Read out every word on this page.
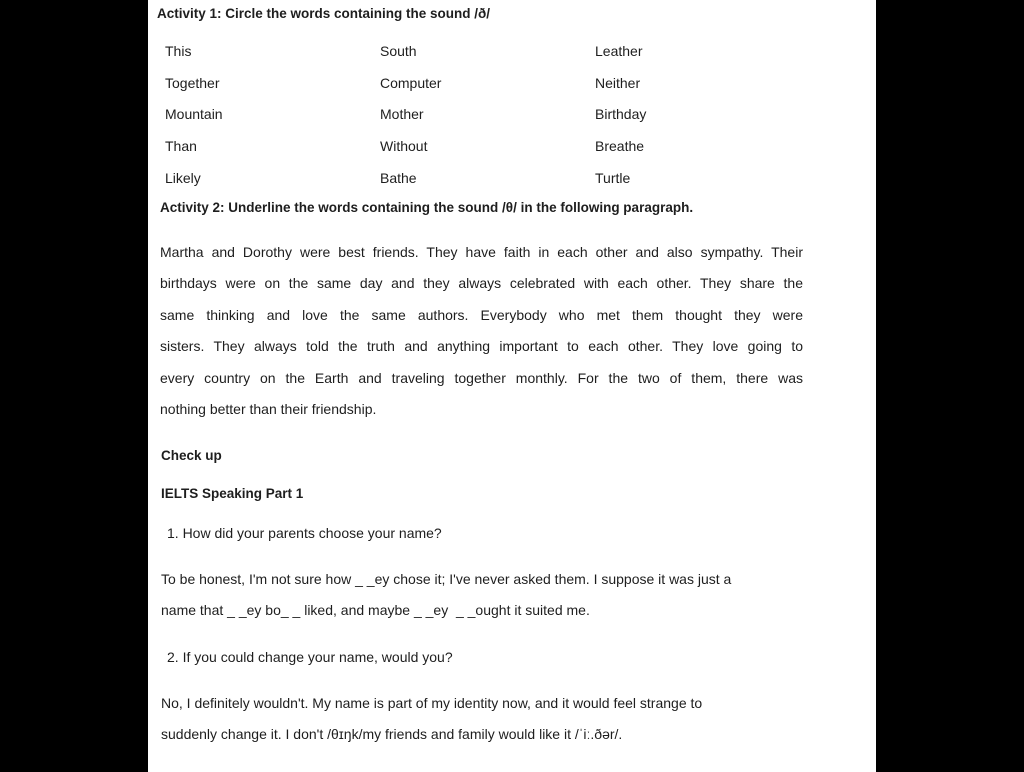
Activity 1: Circle the words containing the sound /ð/
This	South	Leather
Together	Computer	Neither
Mountain	Mother	Birthday
Than	Without	Breathe
Likely	Bathe	Turtle
Activity 2: Underline the words containing the sound /θ/ in the following paragraph.
Martha and Dorothy were best friends. They have faith in each other and also sympathy. Their
birthdays were on the same day and they always celebrated with each other. They share the
same thinking and love the same authors. Everybody who met them thought they were
sisters. They always told the truth and anything important to each other. They love going to
every country on the Earth and traveling together monthly. For the two of them, there was
nothing better than their friendship.
Check up
IELTS Speaking Part 1
1. How did your parents choose your name?
To be honest, I'm not sure how _ _ey chose it; I've never asked them. I suppose it was just a
name that _ _ey bo_ _ liked, and maybe _ _ey  _ _ought it suited me.
2. If you could change your name, would you?
No, I definitely wouldn't. My name is part of my identity now, and it would feel strange to
suddenly change it. I don't /θɪŋk/my friends and family would like it /ˈiː.ðər/.
